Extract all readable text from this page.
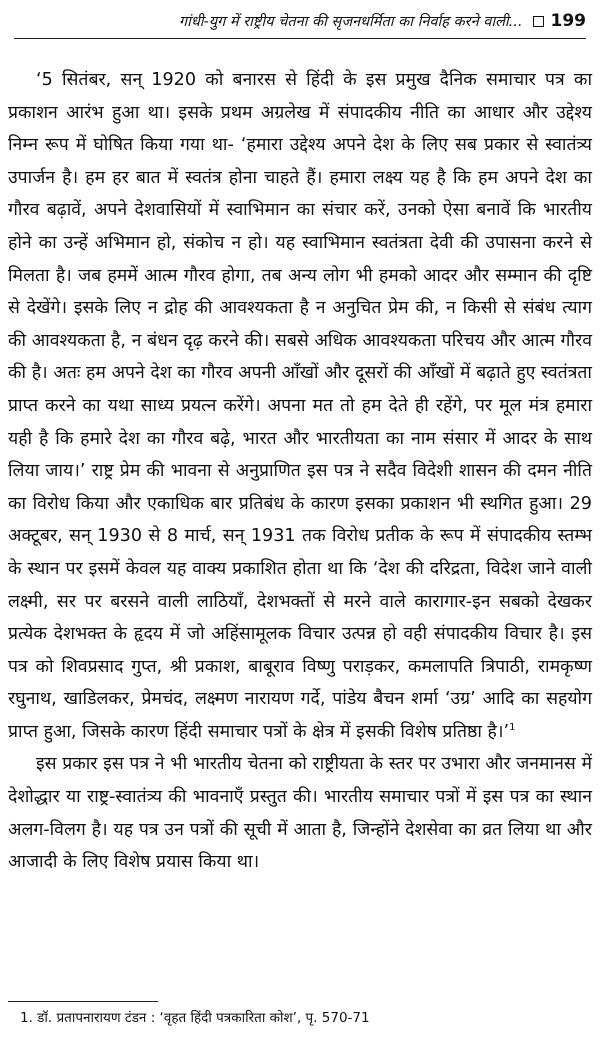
गांधी-युग में राष्ट्रीय चेतना की सृजनधर्मिता का निर्वाह करने वाली... 199

‘5 सितंबर, सन् 1920 को बनारस से हिंदी के इस प्रमुख दैनिक समाचार पत्र का प्रकाशन आरंभ हुआ था। इसके प्रथम अग्रलेख में संपादकीय नीति का आधार और उद्देश्य निम्न रूप में घोषित किया गया था- ‘हमारा उद्देश्य अपने देश के लिए सब प्रकार से स्वातंत्र्य उपार्जन है। हम हर बात में स्वतंत्र होना चाहते हैं। हमारा लक्ष्य यह है कि हम अपने देश का गौरव बढ़ावें, अपने देशवासियों में स्वाभिमान का संचार करें, उनको ऐसा बनावें कि भारतीय होने का उन्हें अभिमान हो, संकोच न हो। यह स्वाभिमान स्वतंत्रता देवी की उपासना करने से मिलता है। जब हममें आत्म गौरव होगा, तब अन्य लोग भी हमको आदर और सम्मान की दृष्टि से देखेंगे। इसके लिए न द्रोह की आवश्यकता है न अनुचित प्रेम की, न किसी से संबंध त्याग की आवश्यकता है, न बंधन दृढ़ करने की। सबसे अधिक आवश्यकता परिचय और आत्म गौरव की है। अतः हम अपने देश का गौरव अपनी आँखों और दूसरों की आँखों में बढ़ाते हुए स्वतंत्रता प्राप्त करने का यथा साध्य प्रयत्न करेंगे। अपना मत तो हम देते ही रहेंगे, पर मूल मंत्र हमारा यही है कि हमारे देश का गौरव बढ़े, भारत और भारतीयता का नाम संसार में आदर के साथ लिया जाय।’ राष्ट्र प्रेम की भावना से अनुप्राणित इस पत्र ने सदैव विदेशी शासन की दमन नीति का विरोध किया और एकाधिक बार प्रतिबंध के कारण इसका प्रकाशन भी स्थगित हुआ। 29 अक्टूबर, सन् 1930 से 8 मार्च, सन् 1931 तक विरोध प्रतीक के रूप में संपादकीय स्तम्भ के स्थान पर इसमें केवल यह वाक्य प्रकाशित होता था कि ‘देश की दरिद्रता, विदेश जाने वाली लक्ष्मी, सर पर बरसने वाली लाठियाँ, देशभक्तों से मरने वाले कारागार-इन सबको देखकर प्रत्येक देशभक्त के हृदय में जो अहिंसामूलक विचार उत्पन्न हो वही संपादकीय विचार है। इस पत्र को शिवप्रसाद गुप्त, श्री प्रकाश, बाबूराव विष्णु पराड़कर, कमलापति त्रिपाठी, रामकृष्ण रघुनाथ, खाडिलकर, प्रेमचंद, लक्ष्मण नारायण गर्दे, पांडेय बैचन शर्मा ‘उग्र’ आदि का सहयोग प्राप्त हुआ, जिसके कारण हिंदी समाचार पत्रों के क्षेत्र में इसकी विशेष प्रतिष्ठा है।’$^1$

इस प्रकार इस पत्र ने भी भारतीय चेतना को राष्ट्रीयता के स्तर पर उभारा और जनमानस में देशोद्धार या राष्ट्र-स्वातंत्र्य की भावनाएँ प्रस्तुत की। भारतीय समाचार पत्रों में इस पत्र का स्थान अलग-विलग है। यह पत्र उन पत्रों की सूची में आता है, जिन्होंने देशसेवा का व्रत लिया था और आजादी के लिए विशेष प्रयास किया था।

1. डॉ. प्रतापनारायण टंडन : ‘वृहत हिंदी पत्रकारिता कोश’, पृ. 570-71
